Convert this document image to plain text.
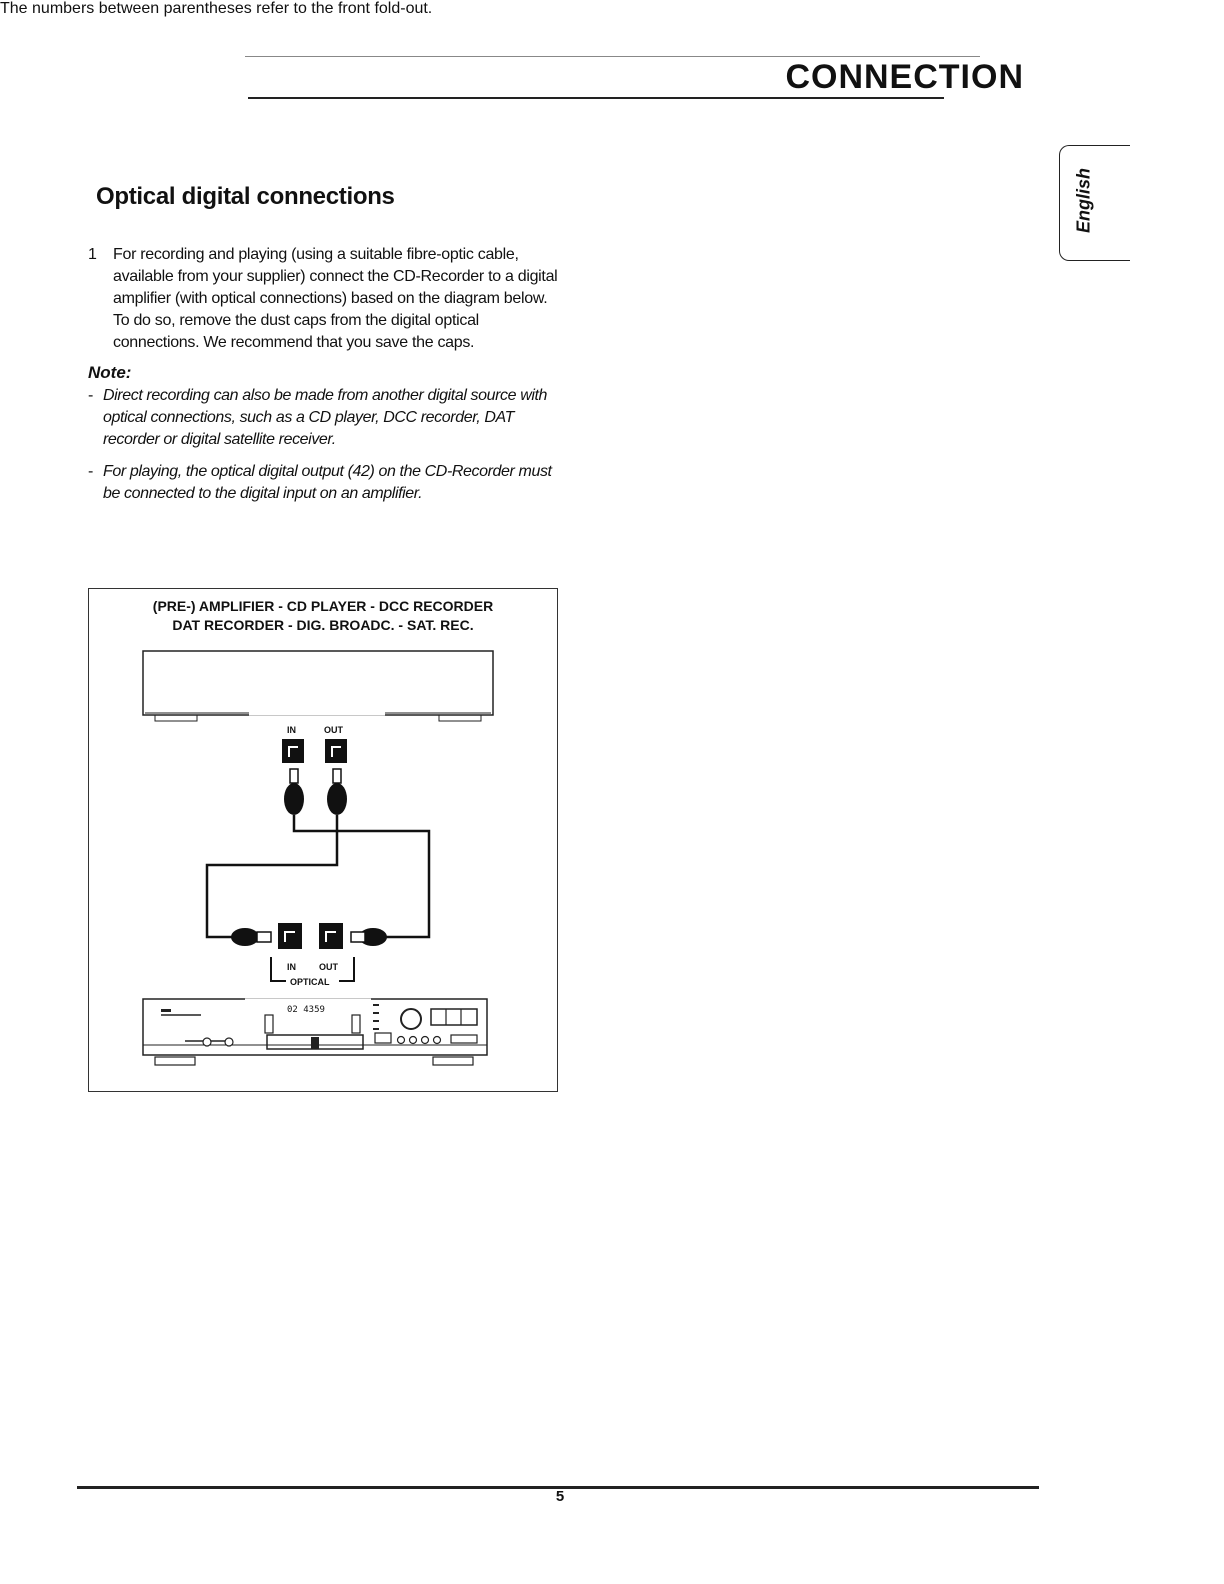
CONNECTION
English
The numbers between parentheses refer to the front fold-out.
Optical digital connections
1 For recording and playing (using a suitable fibre-optic cable, available from your supplier) connect the CD-Recorder to a digital amplifier (with optical connections) based on the diagram below. To do so, remove the dust caps from the digital optical connections. We recommend that you save the caps.
Note:
- Direct recording can also be made from another digital source with optical connections, such as a CD player, DCC recorder, DAT recorder or digital satellite receiver.
- For playing, the optical digital output (42) on the CD-Recorder must be connected to the digital input on an amplifier.
(PRE-) AMPLIFIER - CD PLAYER - DCC RECORDER
DAT RECORDER - DIG. BROADC. - SAT. REC.
IN	OUT
IN	OUT
OPTICAL
02 4359
5
